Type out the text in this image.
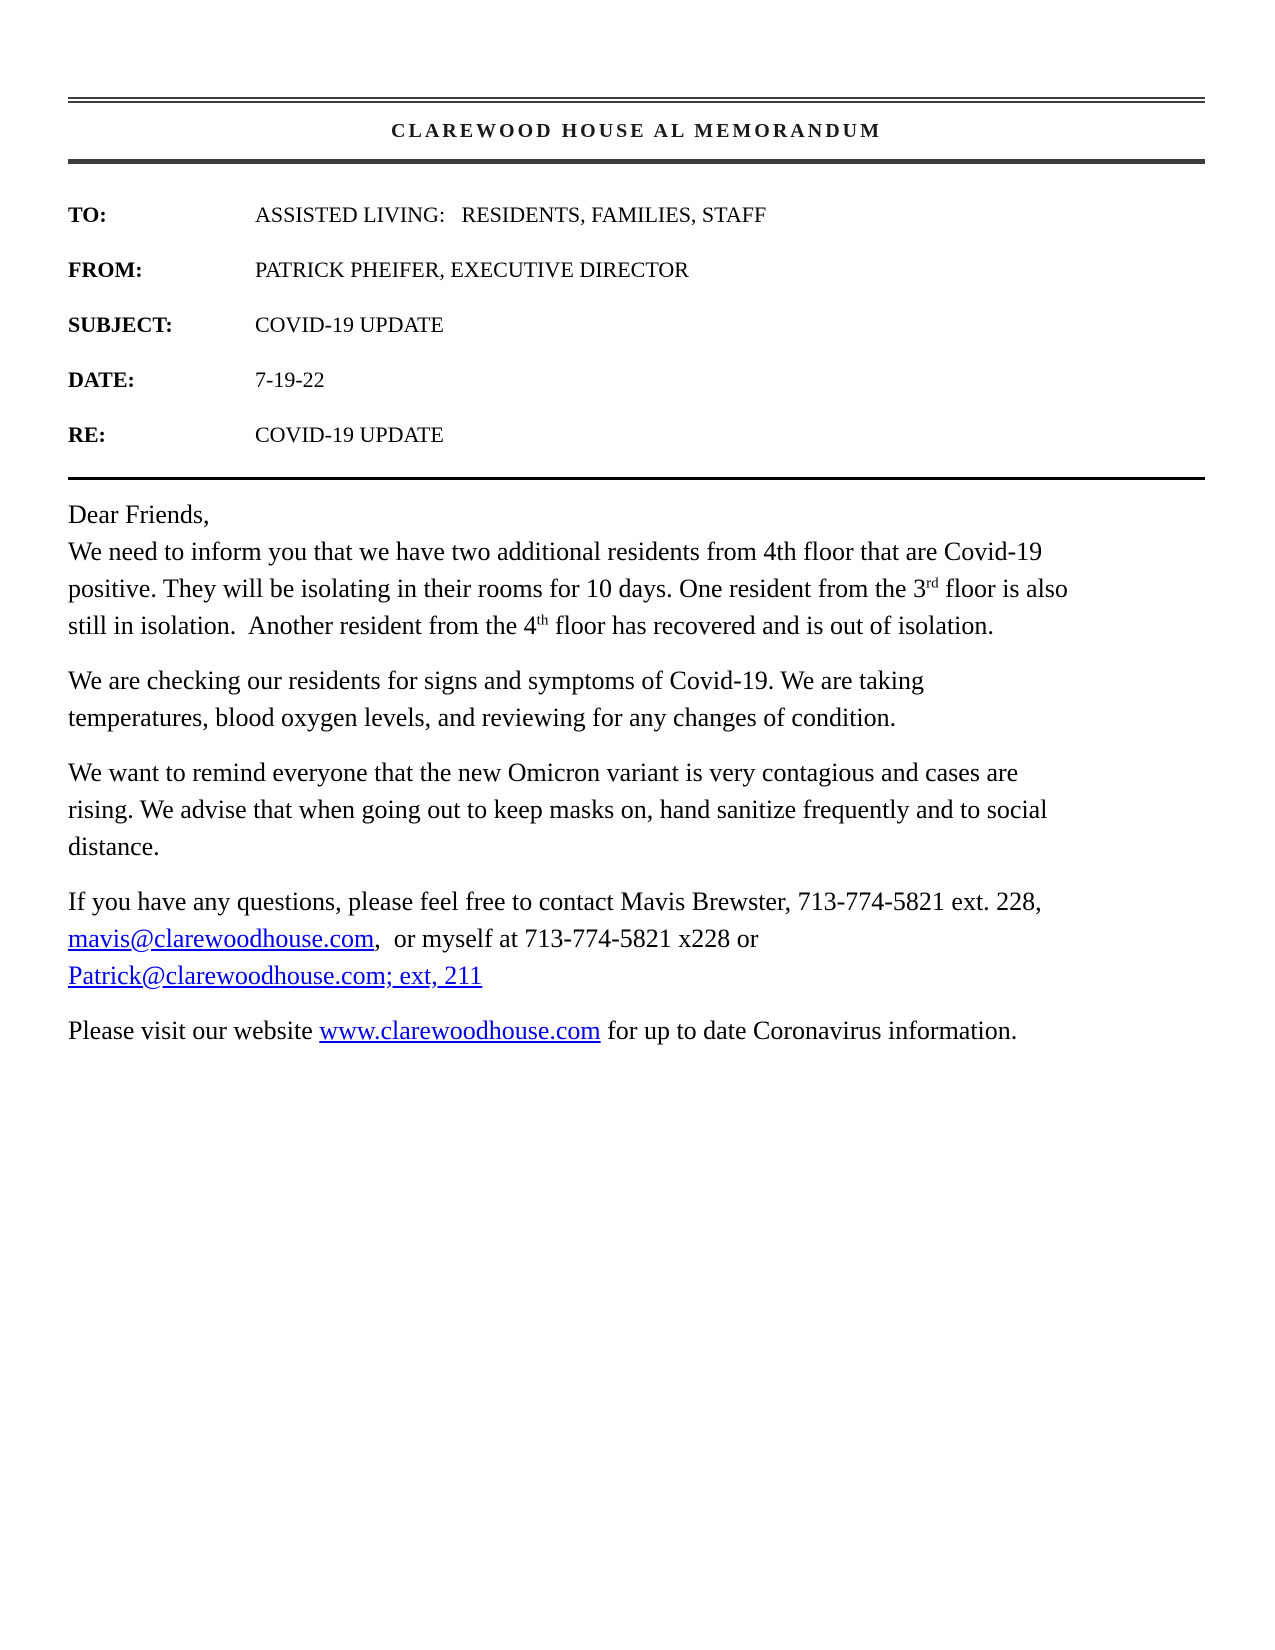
CLAREWOOD HOUSE AL MEMORANDUM
TO:	ASSISTED LIVING:   RESIDENTS, FAMILIES, STAFF
FROM:	PATRICK PHEIFER, EXECUTIVE DIRECTOR
SUBJECT:	COVID-19 UPDATE
DATE:	7-19-22
RE:	COVID-19 UPDATE
Dear Friends,
We need to inform you that we have two additional residents from 4th floor that are Covid-19
positive. They will be isolating in their rooms for 10 days. One resident from the 3rd floor is also
still in isolation.  Another resident from the 4th floor has recovered and is out of isolation.
We are checking our residents for signs and symptoms of Covid-19. We are taking
temperatures, blood oxygen levels, and reviewing for any changes of condition.
We want to remind everyone that the new Omicron variant is very contagious and cases are
rising. We advise that when going out to keep masks on, hand sanitize frequently and to social
distance.
If you have any questions, please feel free to contact Mavis Brewster, 713-774-5821 ext. 228,
mavis@clarewoodhouse.com,  or myself at 713-774-5821 x228 or
Patrick@clarewoodhouse.com; ext, 211
Please visit our website www.clarewoodhouse.com for up to date Coronavirus information.
